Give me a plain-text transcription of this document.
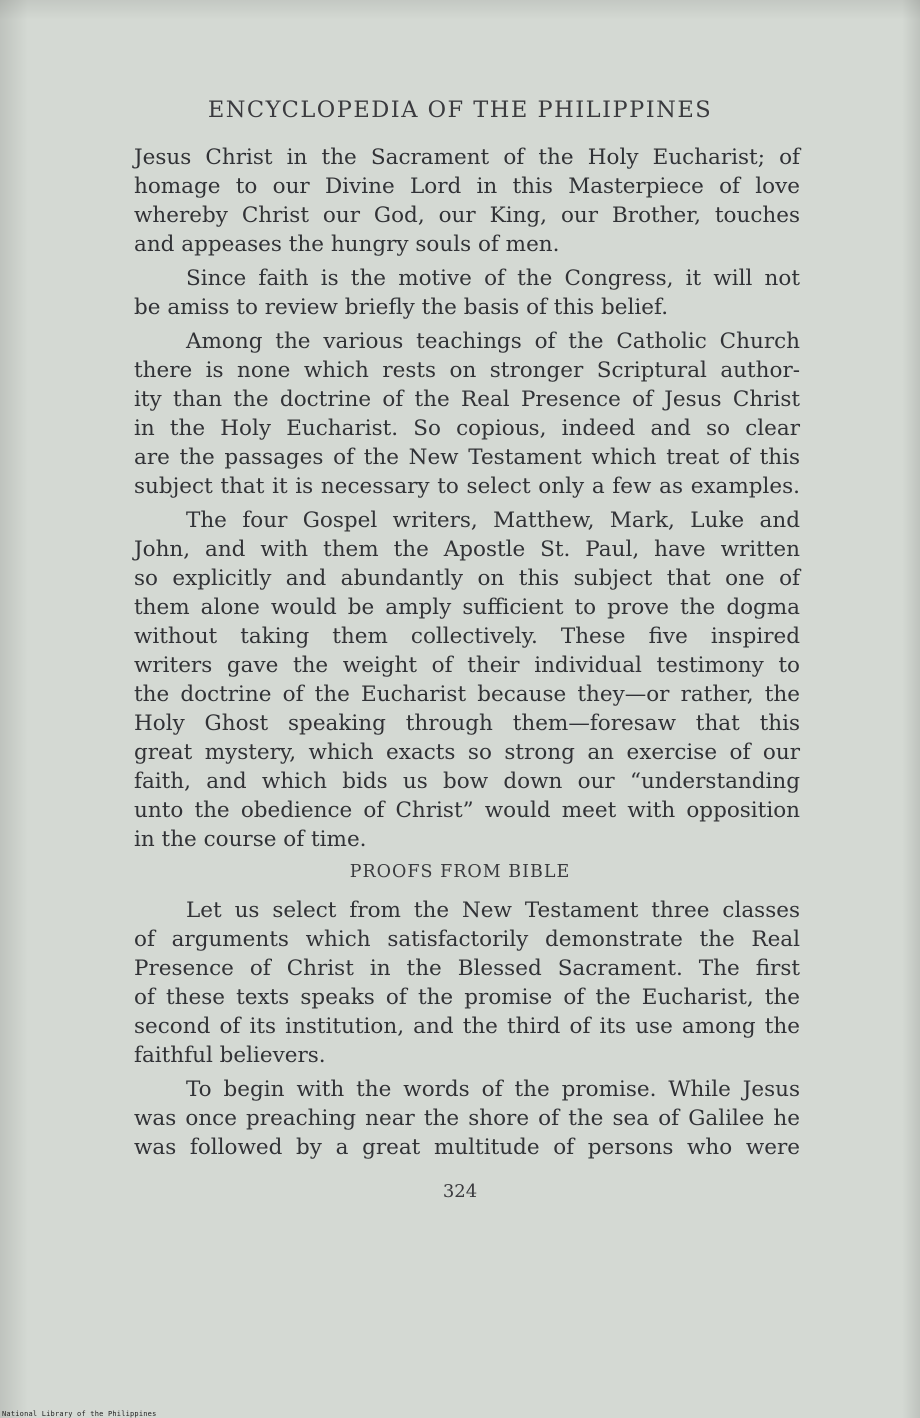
ENCYCLOPEDIA OF THE PHILIPPINES
Jesus Christ in the Sacrament of the Holy Eucharist; of
homage to our Divine Lord in this Masterpiece of love
whereby Christ our God, our King, our Brother, touches
and appeases the hungry souls of men.
Since faith is the motive of the Congress, it will not
be amiss to review briefly the basis of this belief.
Among the various teachings of the Catholic Church
there is none which rests on stronger Scriptural author-
ity than the doctrine of the Real Presence of Jesus Christ
in the Holy Eucharist. So copious, indeed and so clear
are the passages of the New Testament which treat of this
subject that it is necessary to select only a few as examples.
The four Gospel writers, Matthew, Mark, Luke and
John, and with them the Apostle St. Paul, have written
so explicitly and abundantly on this subject that one of
them alone would be amply sufficient to prove the dogma
without taking them collectively. These five inspired
writers gave the weight of their individual testimony to
the doctrine of the Eucharist because they—or rather, the
Holy Ghost speaking through them—foresaw that this
great mystery, which exacts so strong an exercise of our
faith, and which bids us bow down our “understanding
unto the obedience of Christ” would meet with opposition
in the course of time.
PROOFS FROM BIBLE
Let us select from the New Testament three classes
of arguments which satisfactorily demonstrate the Real
Presence of Christ in the Blessed Sacrament. The first
of these texts speaks of the promise of the Eucharist, the
second of its institution, and the third of its use among the
faithful believers.
To begin with the words of the promise. While Jesus
was once preaching near the shore of the sea of Galilee he
was followed by a great multitude of persons who were
324
National Library of the Philippines
